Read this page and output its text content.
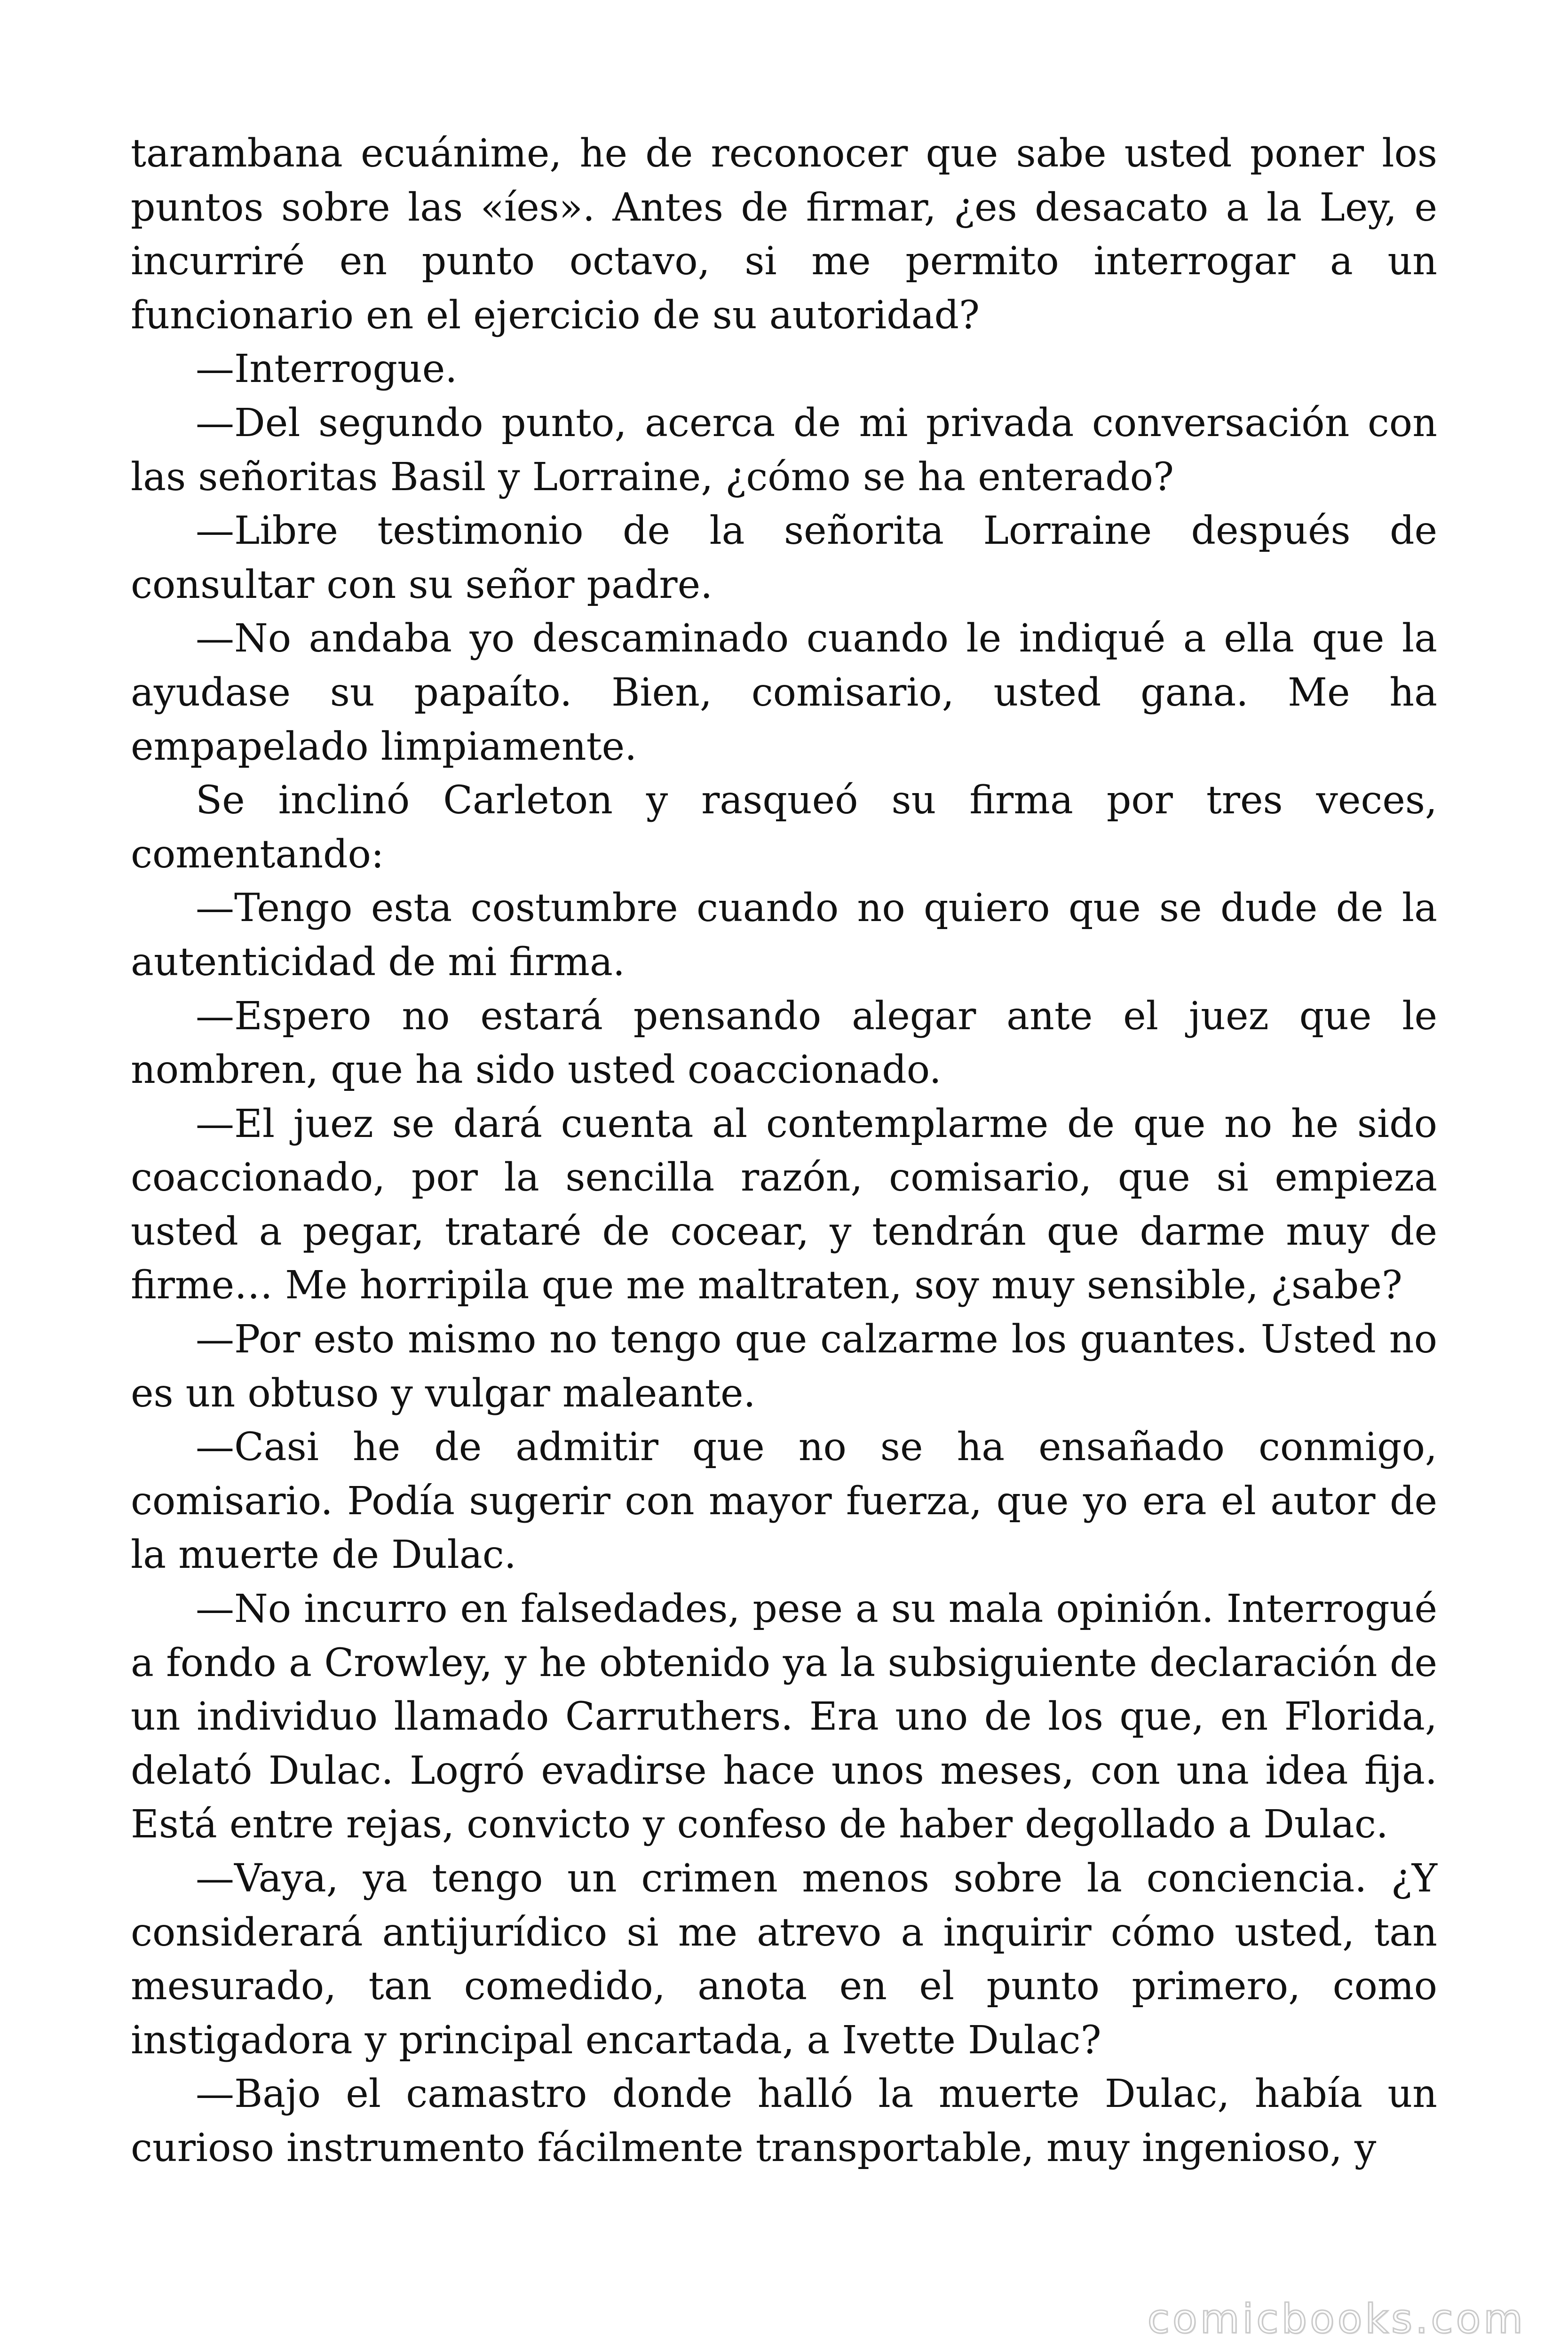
tarambana ecuánime, he de reconocer que sabe usted poner los puntos sobre las «íes». Antes de firmar, ¿es desacato a la Ley, e incurriré en punto octavo, si me permito interrogar a un funcionario en el ejercicio de su autoridad?

—Interrogue.

—Del segundo punto, acerca de mi privada conversación con las señoritas Basil y Lorraine, ¿cómo se ha enterado?

—Libre testimonio de la señorita Lorraine después de consultar con su señor padre.

—No andaba yo descaminado cuando le indiqué a ella que la ayudase su papaíto. Bien, comisario, usted gana. Me ha empapelado limpiamente.

Se inclinó Carleton y rasqueó su firma por tres veces, comentando:

—Tengo esta costumbre cuando no quiero que se dude de la autenticidad de mi firma.

—Espero no estará pensando alegar ante el juez que le nombren, que ha sido usted coaccionado.

—El juez se dará cuenta al contemplarme de que no he sido coaccionado, por la sencilla razón, comisario, que si empieza usted a pegar, trataré de cocear, y tendrán que darme muy de firme… Me horripila que me maltraten, soy muy sensible, ¿sabe?

—Por esto mismo no tengo que calzarme los guantes. Usted no es un obtuso y vulgar maleante.

—Casi he de admitir que no se ha ensañado conmigo, comisario. Podía sugerir con mayor fuerza, que yo era el autor de la muerte de Dulac.

—No incurro en falsedades, pese a su mala opinión. Interrogué a fondo a Crowley, y he obtenido ya la subsiguiente declaración de un individuo llamado Carruthers. Era uno de los que, en Florida, delató Dulac. Logró evadirse hace unos meses, con una idea fija. Está entre rejas, convicto y confeso de haber degollado a Dulac.

—Vaya, ya tengo un crimen menos sobre la conciencia. ¿Y considerará antijurídico si me atrevo a inquirir cómo usted, tan mesurado, tan comedido, anota en el punto primero, como instigadora y principal encartada, a Ivette Dulac?

—Bajo el camastro donde halló la muerte Dulac, había un curioso instrumento fácilmente transportable, muy ingenioso, y

comicbooks.com
